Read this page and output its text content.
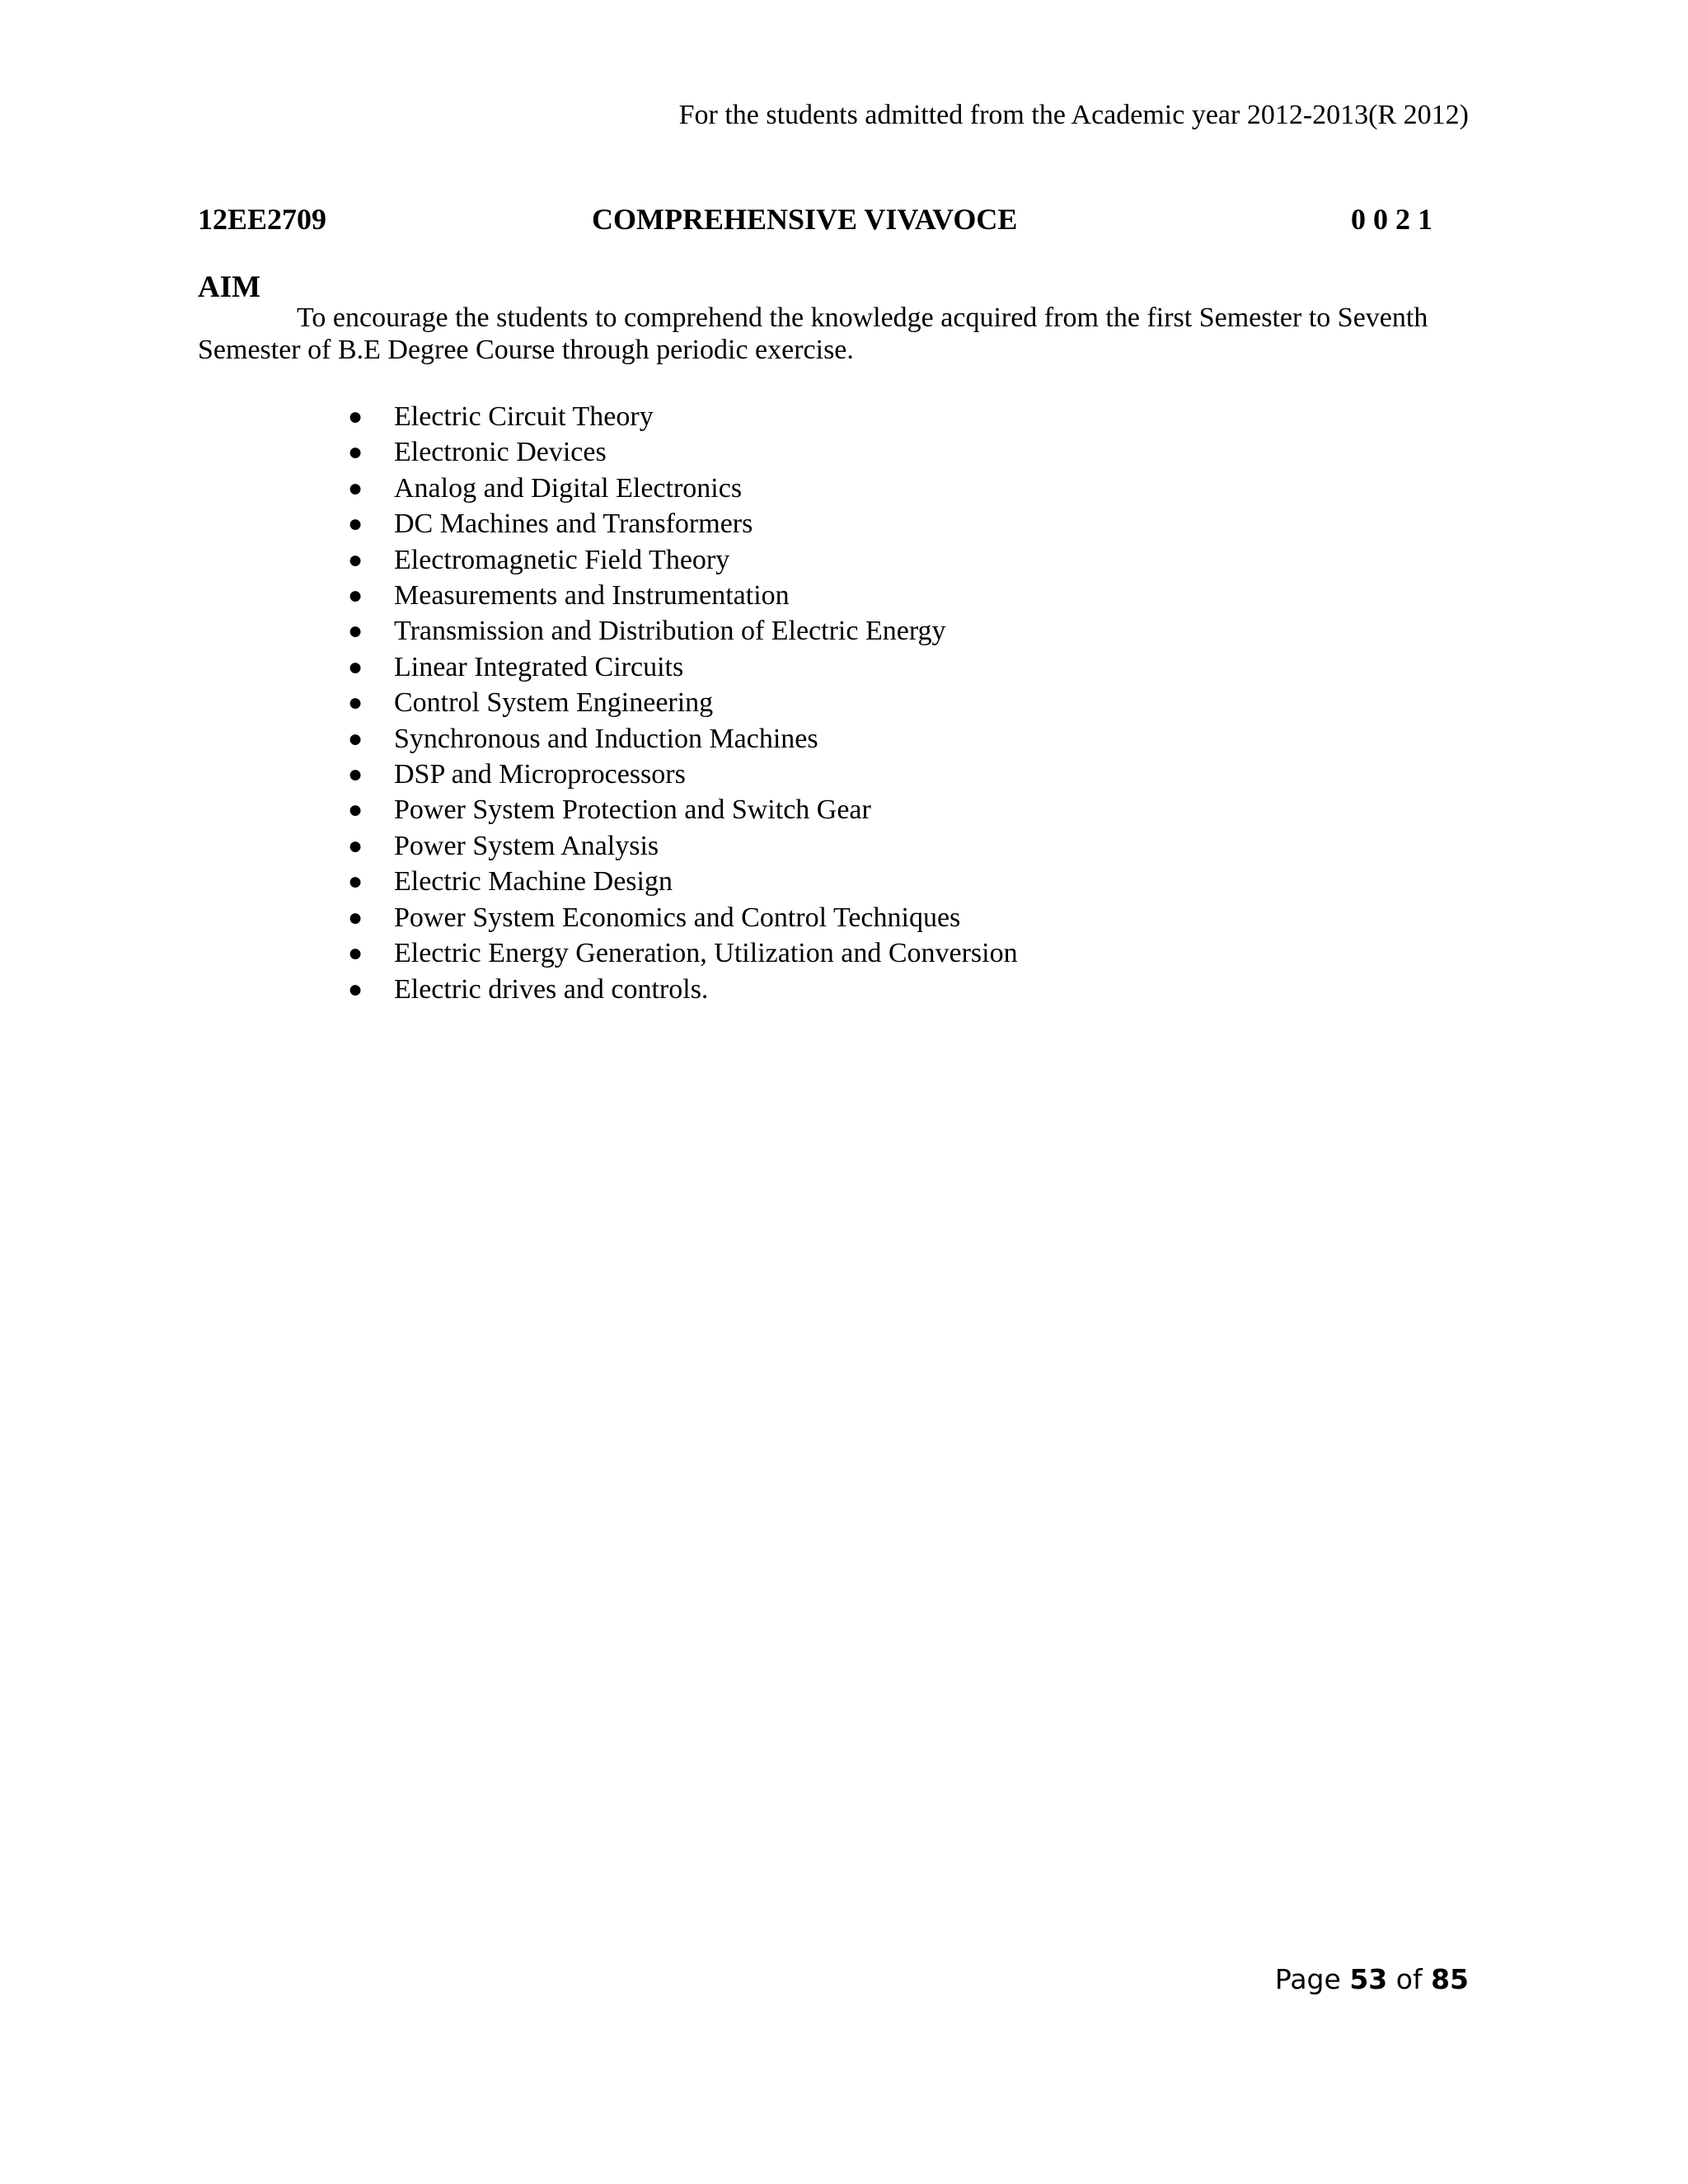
For the students admitted from the Academic year 2012-2013(R 2012)
12EE2709	COMPREHENSIVE VIVAVOCE	0 0 2 1
AIM
To encourage the students to comprehend the knowledge acquired from the first Semester to Seventh
Semester of B.E Degree Course through periodic exercise.
● Electric Circuit Theory
● Electronic Devices
● Analog and Digital Electronics
● DC Machines and Transformers
● Electromagnetic Field Theory
● Measurements and Instrumentation
● Transmission and Distribution of Electric Energy
● Linear Integrated Circuits
● Control System Engineering
● Synchronous and Induction Machines
● DSP and Microprocessors
● Power System Protection and Switch Gear
● Power System Analysis
● Electric Machine Design
● Power System Economics and Control Techniques
● Electric Energy Generation, Utilization and Conversion
● Electric drives and controls.
Page 53 of 85
